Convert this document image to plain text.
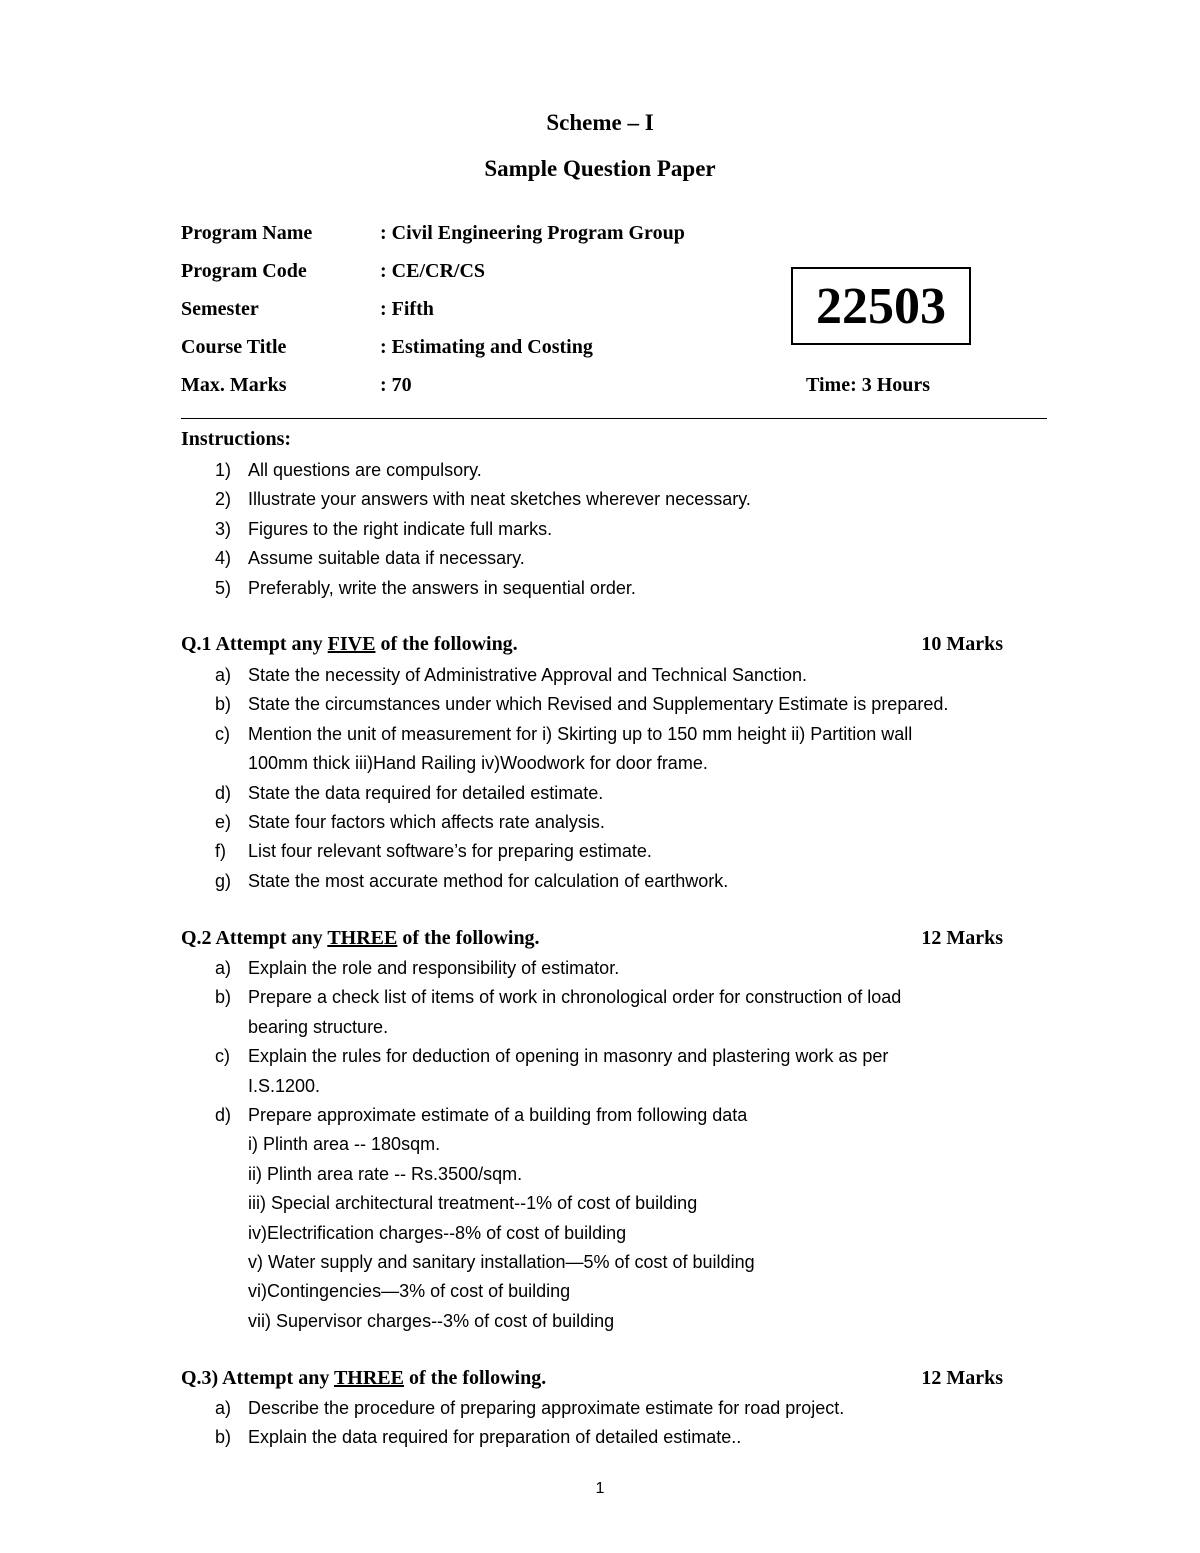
Scheme – I
Sample Question Paper
Program Name	: Civil Engineering Program Group
Program Code	: CE/CR/CS
Semester	: Fifth
Course Title	: Estimating and Costing
Max. Marks	: 70
22503
Time: 3 Hours
Instructions:
1) All questions are compulsory.
2) Illustrate your answers with neat sketches wherever necessary.
3) Figures to the right indicate full marks.
4) Assume suitable data if necessary.
5) Preferably, write the answers in sequential order.
Q.1 Attempt any FIVE of the following.	10 Marks
a) State the necessity of Administrative Approval and Technical Sanction.
b) State the circumstances under which Revised and Supplementary Estimate is prepared.
c) Mention the unit of measurement for i) Skirting up to 150 mm height ii) Partition wall
100mm thick iii)Hand Railing iv)Woodwork for door frame.
d) State the data required for detailed estimate.
e) State four factors which affects rate analysis.
f) List four relevant software’s for preparing estimate.
g) State the most accurate method for calculation of earthwork.
Q.2 Attempt any THREE of the following.	12 Marks
a) Explain the role and responsibility of estimator.
b) Prepare a check list of items of work in chronological order for construction of load
bearing structure.
c) Explain the rules for deduction of opening in masonry and plastering work as per
I.S.1200.
d) Prepare approximate estimate of a building from following data
i) Plinth area -- 180sqm.
ii) Plinth area rate -- Rs.3500/sqm.
iii) Special architectural treatment--1% of cost of building
iv)Electrification charges--8% of cost of building
v) Water supply and sanitary installation—5% of cost of building
vi)Contingencies—3% of cost of building
vii) Supervisor charges--3% of cost of building
Q.3) Attempt any THREE of the following.	12 Marks
a) Describe the procedure of preparing approximate estimate for road project.
b) Explain the data required for preparation of detailed estimate..
1
